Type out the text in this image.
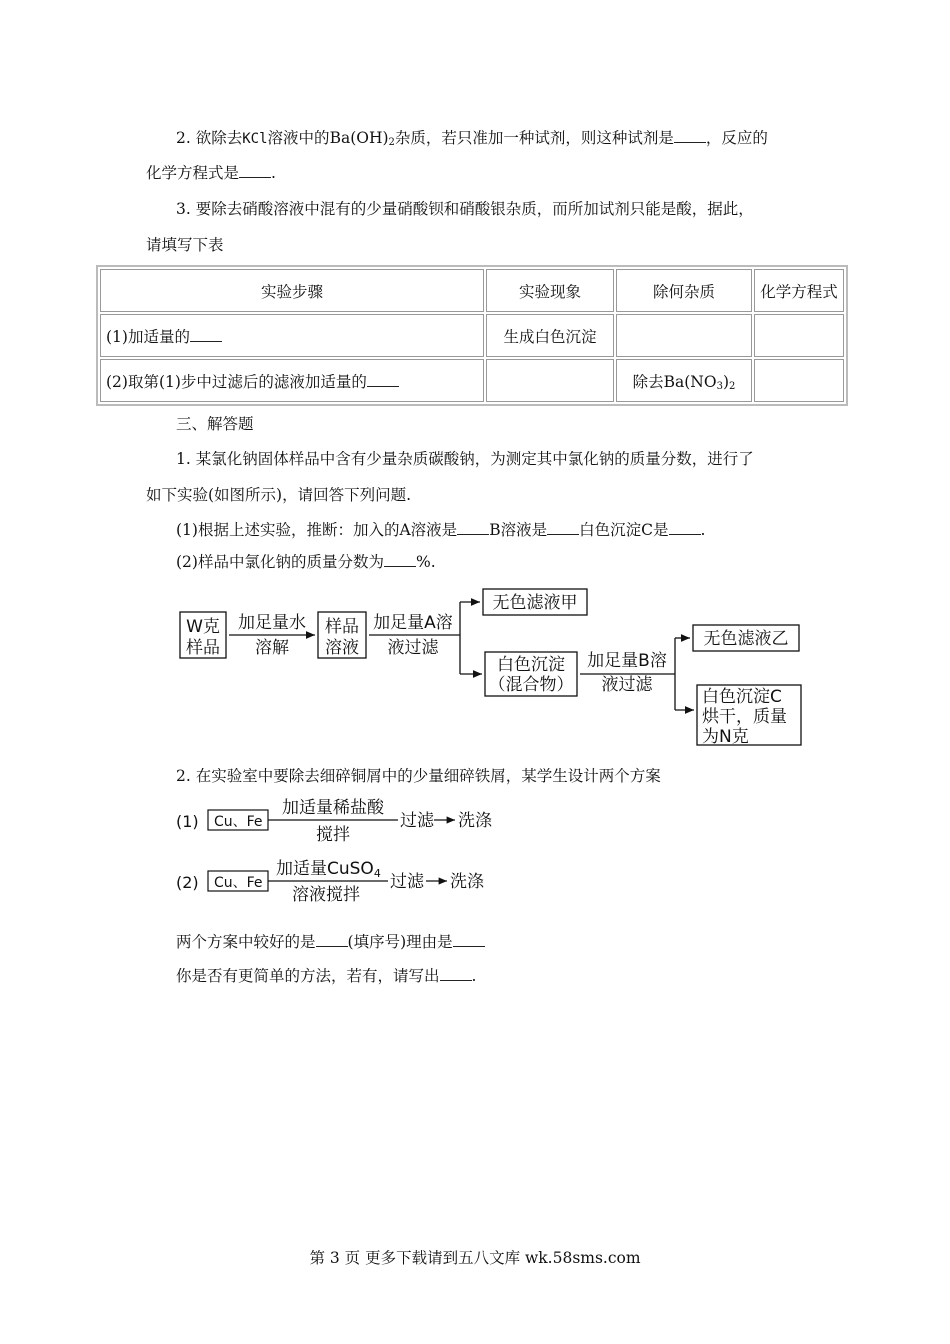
2. 欲除去KCl溶液中的$Ba(OH)_2$杂质，若只准加一种试剂，则这种试剂是 ，反应的
化学方程式是 .
3. 要除去硝酸溶液中混有的少量硝酸钡和硝酸银杂质，而所加试剂只能是酸，据此，
请填写下表
实验步骤	实验现象	除何杂质	化学方程式
(1)加适量的	生成白色沉淀		
(2)取第(1)步中过滤后的滤液加适量的		除去$Ba(NO_3)_2$	
三、解答题
1. 某氯化钠固体样品中含有少量杂质碳酸钠，为测定其中氯化钠的质量分数，进行了
如下实验(如图所示)，请回答下列问题.
(1)根据上述实验，推断：加入的A溶液是 B溶液是 白色沉淀C是 .
(2)样品中氯化钠的质量分数为 %.
W克
样品
加足量水
溶解
样品
溶液
加足量A溶
液过滤
无色滤液甲
白色沉淀
（混合物）
加足量B溶
液过滤
无色滤液乙
白色沉淀C
烘干，质量
为N克
2. 在实验室中要除去细碎铜屑中的少量细碎铁屑，某学生设计两个方案
(1) Cu、Fe
加适量稀盐酸
搅拌
过滤 洗涤
(2) Cu、Fe
加适量CuSO4
溶液搅拌
过滤 洗涤
两个方案中较好的是 (填序号)理由是
你是否有更简单的方法，若有，请写出 .
第 3 页 更多下载请到五八文库 wk.58sms.com
